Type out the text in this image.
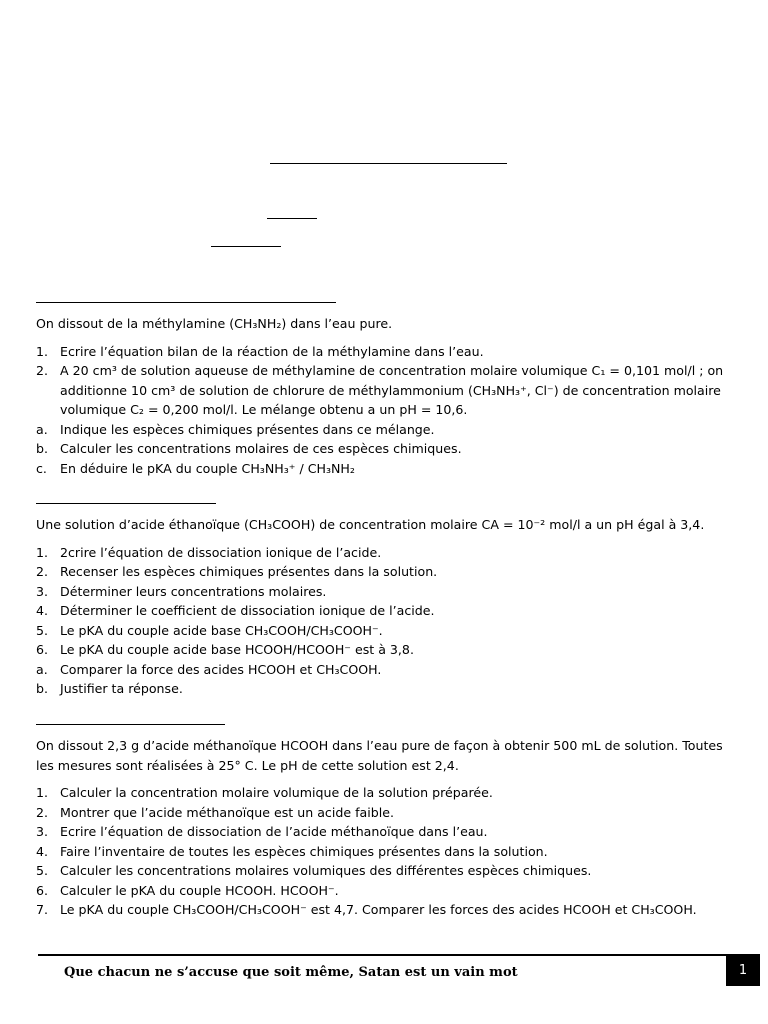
On dissout de la méthylamine (CH₃NH₂) dans l’eau pure.

1. Ecrire l’équation bilan de la réaction de la méthylamine dans l’eau.
2. A 20 cm³ de solution aqueuse de méthylamine de concentration molaire volumique C₁ = 0,101 mol/l ; on additionne 10 cm³ de solution de chlorure de méthylammonium (CH₃NH₃⁺, Cl⁻) de concentration molaire volumique C₂ = 0,200 mol/l. Le mélange obtenu a un pH = 10,6.
a. Indique les espèces chimiques présentes dans ce mélange.
b. Calculer les concentrations molaires de ces espèces chimiques.
c. En déduire le pKA du couple CH₃NH₃⁺ / CH₃NH₂

Une solution d’acide éthanoïque (CH₃COOH) de concentration molaire CA = 10⁻² mol/l a un pH égal à 3,4.

1. 2crire l’équation de dissociation ionique de l’acide.
2. Recenser les espèces chimiques présentes dans la solution.
3. Déterminer leurs concentrations molaires.
4. Déterminer le coefficient de dissociation ionique de l’acide.
5. Le pKA du couple acide base CH₃COOH/CH₃COOH⁻.
6. Le pKA du couple acide base HCOOH/HCOOH⁻ est à 3,8.
a. Comparer la force des acides HCOOH et CH₃COOH.
b. Justifier ta réponse.

On dissout 2,3 g d’acide méthanoïque HCOOH dans l’eau pure de façon à obtenir 500 mL de solution. Toutes les mesures sont réalisées à 25° C. Le pH de cette solution est 2,4.

1. Calculer la concentration molaire volumique de la solution préparée.
2. Montrer que l’acide méthanoïque est un acide faible.
3. Ecrire l’équation de dissociation de l’acide méthanoïque dans l’eau.
4. Faire l’inventaire de toutes les espèces chimiques présentes dans la solution.
5. Calculer les concentrations molaires volumiques des différentes espèces chimiques.
6. Calculer le pKA du couple HCOOH. HCOOH⁻.
7. Le pKA du couple CH₃COOH/CH₃COOH⁻ est 4,7. Comparer les forces des acides HCOOH et CH₃COOH.
Que chacun ne s’accuse que soit même, Satan est un vain mot	1
